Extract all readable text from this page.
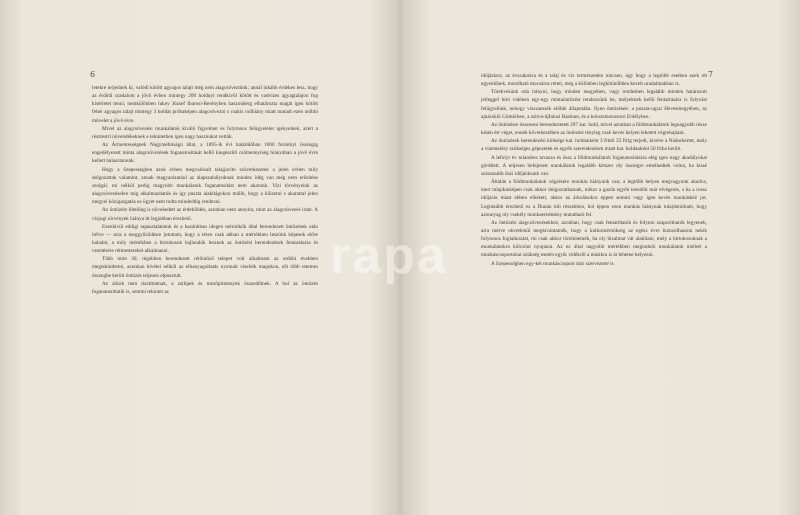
6

letekre terjednek ki, valódi kötött agyagos talajt még nem alagcsöveztünk; annál inkább érdekes lesz, hogy az érdődi uradalom a jövő évben mintegy 200 holdnyi rendkívül kötött és vadvizes agyagtalajon fog kísérletet tenni, nemkülönben lukey József Ibarosi-Berényben haszonbérg elhatározta magát igen kötött fehér agyagos talajt mintegy 3 holdat próbaképen alagcsövezni s csakis csőhiány miatt maradt ezen utóbbi művelet a jövő évre.

Mivel az alagcsövezési munkálatok kiváló figyelmet és folytonos felügyeletet igényelnek, azért a résztestri növendékeknek e tekintetben igen nagy hasznukat vettük.

Az Ármentességnek Nagyméltóságú által, a 1895-ik évi határidőban 1000 forintnyi összegig engedélyezett minta alagcsövezések foganatosítását kellő kiegészítő csőmennyiség hiányában a jövő évre kellett halasztanunk.

Hogy a Szepességben azok évben megvalósult talajjavító szövetkezetek a jelen évben mily dolgozattak valamint, annak magyarázatául az alapszabályoknak mindez idég van még nem erősítése szolgál, mi nélkül pedig magyobb munkálatok foganatosítást nem akarunk. Vizi törvényeink az alagcsövezésekre mig alkalmazhatók és így puszta alakítágokon múlik, hogy a kiüzemi s akarattal jelen megyei közigazgatás ez ügyet nem tudta mindeddig rendezni.

Az öntözést illetőleg is növekedett az érdeklődés, azonban nem annyira, mint az alagcsövezés iránt. A vizjogi törvények hiánya itt legjobban érezhető.

Ezenkívül eddigi tapasztalataink és a hazánkban idegen mérnökök által berendezett öntözések után ítélve — arra a meggyőződésre jutottam, hogy a téren csak abban a mértékben leszünk képesek előre haladni, a mily mértékben a birtokosok hajlandók lesznek az öntözési berendezések fentartására és vezetésére rétmesterekét alkalmazni.

Több mint 30, régebben berendezett rétöntöző telepet volt alkalmam az utóbbi években megtekinthetni, azonban kivétel nélkül az elhanyagoltatás nyomait viselték magukon, sőt több tetemes összegbe került öntözés teljesen elpusztult.

Az árkok nem tisztíttatnak, a zsilipek és mezőpitmenyek összedőlnek. A hol az öntözés foganatosíttatik is, semmi tekintet az

7

időjárásra, az évszakokra és a talaj és viz természetére nincsen, úgy hogy a legtöbb esetben ezek rét egyenlőnek, mondható mocsáros réttel, még a különben legkitűnőbben kezelt uradalmakban is.

Törekvésünk oda irányul, hogy minden megyében, vagy rendesben legalább minden határosott jelleggel bíró vidéken egy-egy mintaöntözést rendezzünk be, melyeknek kellő fentartására is folyvást felügyelünk, nehogy visszaessék előbbi állapotába. Ilyen öntözések: a puszta-ugrai Hevesmegyében, az ajnácskői Gömörben, a zsitva-újfalusi Barsban, és a kolozsmonostori Erdélyben.

Az öntözésre összesen berendeztetett 297 kat. hold, mivel azonban a földmunkálatok legnagyobb része késén ért véget, ennek következtében az öntözést tényleg csak kevés helyen lehetett végrehajtani.

Az öntözések berendezési költsége kat. holdanként 3 frttól 25 frtig terjedt, kivéve a Nádorkertet, mely a vizemelésy szükséges gépezetek és egyéb szerendezések miatt kat. holdanként 50 frtba került.

A lefolyt év tulandres tavasza és őssz a földmunkálatok foganatosítására elég igen nagy akadályokat gördített. A teljesen befejezett munkálatok legalább kétszer oly összegre emelkedtek volna, ha kissé száraszabb őszi időjárásunk van.

Általán a földmunkálatok végzésére munkás hiányunk van; a legtöbb helyen megvagyunk akadva, mert tulajdonképen csak akkor dolgoztathatunk, mikor a gazda egyéb teendőit már elvégezte, s ha a rossz időjárás miatt ebben elkésett, akkor az árkolásokra éppen semmi vagy igen kevés munkáskéz jut. Leginkább érezhető ez a Dunán túli részekben, hol éppen ezen munkás hiánynak tulajdonítható, hogy azonnyag oly csekély munkaeredmény mutatható fel.

Az öntözési alagcsövezésekhez, azonban, hogy csak fentarthatók és folyton szaporíthatók legyenek, arra mérve okvetlenül megkívántatnék, hogy a kulturmérnökség az egész évre biztosíthasson nekik folytonos foglalkozást, mi csak akkor történhetnék, ha oly bizalmat vár alakítani, mely a birtokosoknak a munkálatokra kölcsönt nyujtana. Az ez által nagyobb mértékben meginduló munkálatok mellett a munkáscsoportokat szükség esetén egyik vidékről a másikra is át lehetne helyezni.

A Szepességben egy-két munkáscsoport már szervezetté is

rapa
